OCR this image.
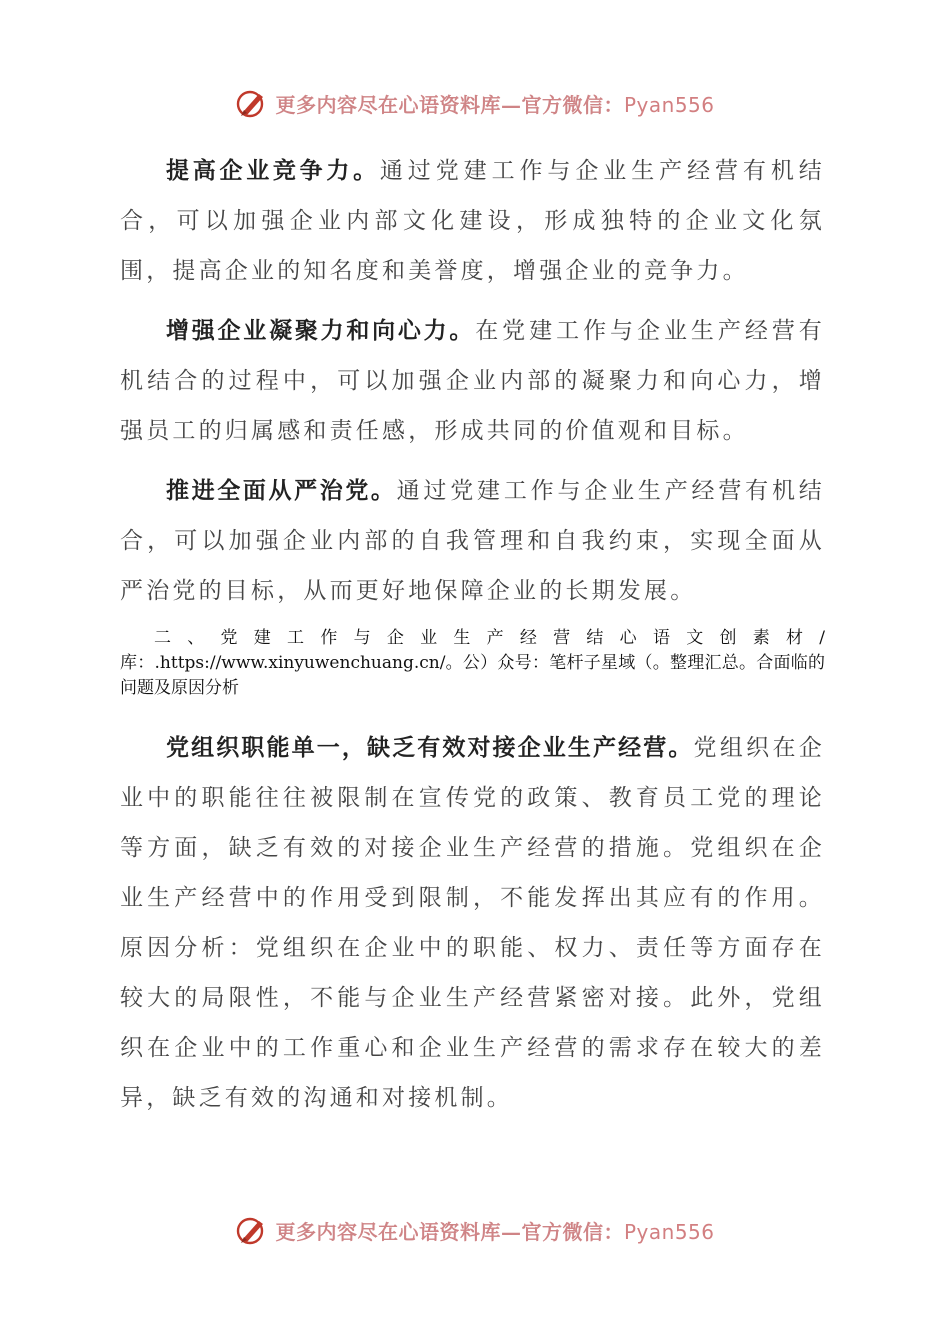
更多内容尽在心语资料库—官方微信：Pyan556

提高企业竞争力。通过党建工作与企业生产经营有机结合，可以加强企业内部文化建设，形成独特的企业文化氛围，提高企业的知名度和美誉度，增强企业的竞争力。

增强企业凝聚力和向心力。在党建工作与企业生产经营有机结合的过程中，可以加强企业内部的凝聚力和向心力，增强员工的归属感和责任感，形成共同的价值观和目标。

推进全面从严治党。通过党建工作与企业生产经营有机结合，可以加强企业内部的自我管理和自我约束，实现全面从严治党的目标，从而更好地保障企业的长期发展。

二、党建工作与企业生产经营结心语文创素材/库：.https://www.xinyuwenchuang.cn/。公）众号：笔杆子星域（。整理汇总。合面临的问题及原因分析

党组织职能单一，缺乏有效对接企业生产经营。党组织在企业中的职能往往被限制在宣传党的政策、教育员工党的理论等方面，缺乏有效的对接企业生产经营的措施。党组织在企业生产经营中的作用受到限制，不能发挥出其应有的作用。原因分析：党组织在企业中的职能、权力、责任等方面存在较大的局限性，不能与企业生产经营紧密对接。此外，党组织在企业中的工作重心和企业生产经营的需求存在较大的差异，缺乏有效的沟通和对接机制。

更多内容尽在心语资料库—官方微信：Pyan556
